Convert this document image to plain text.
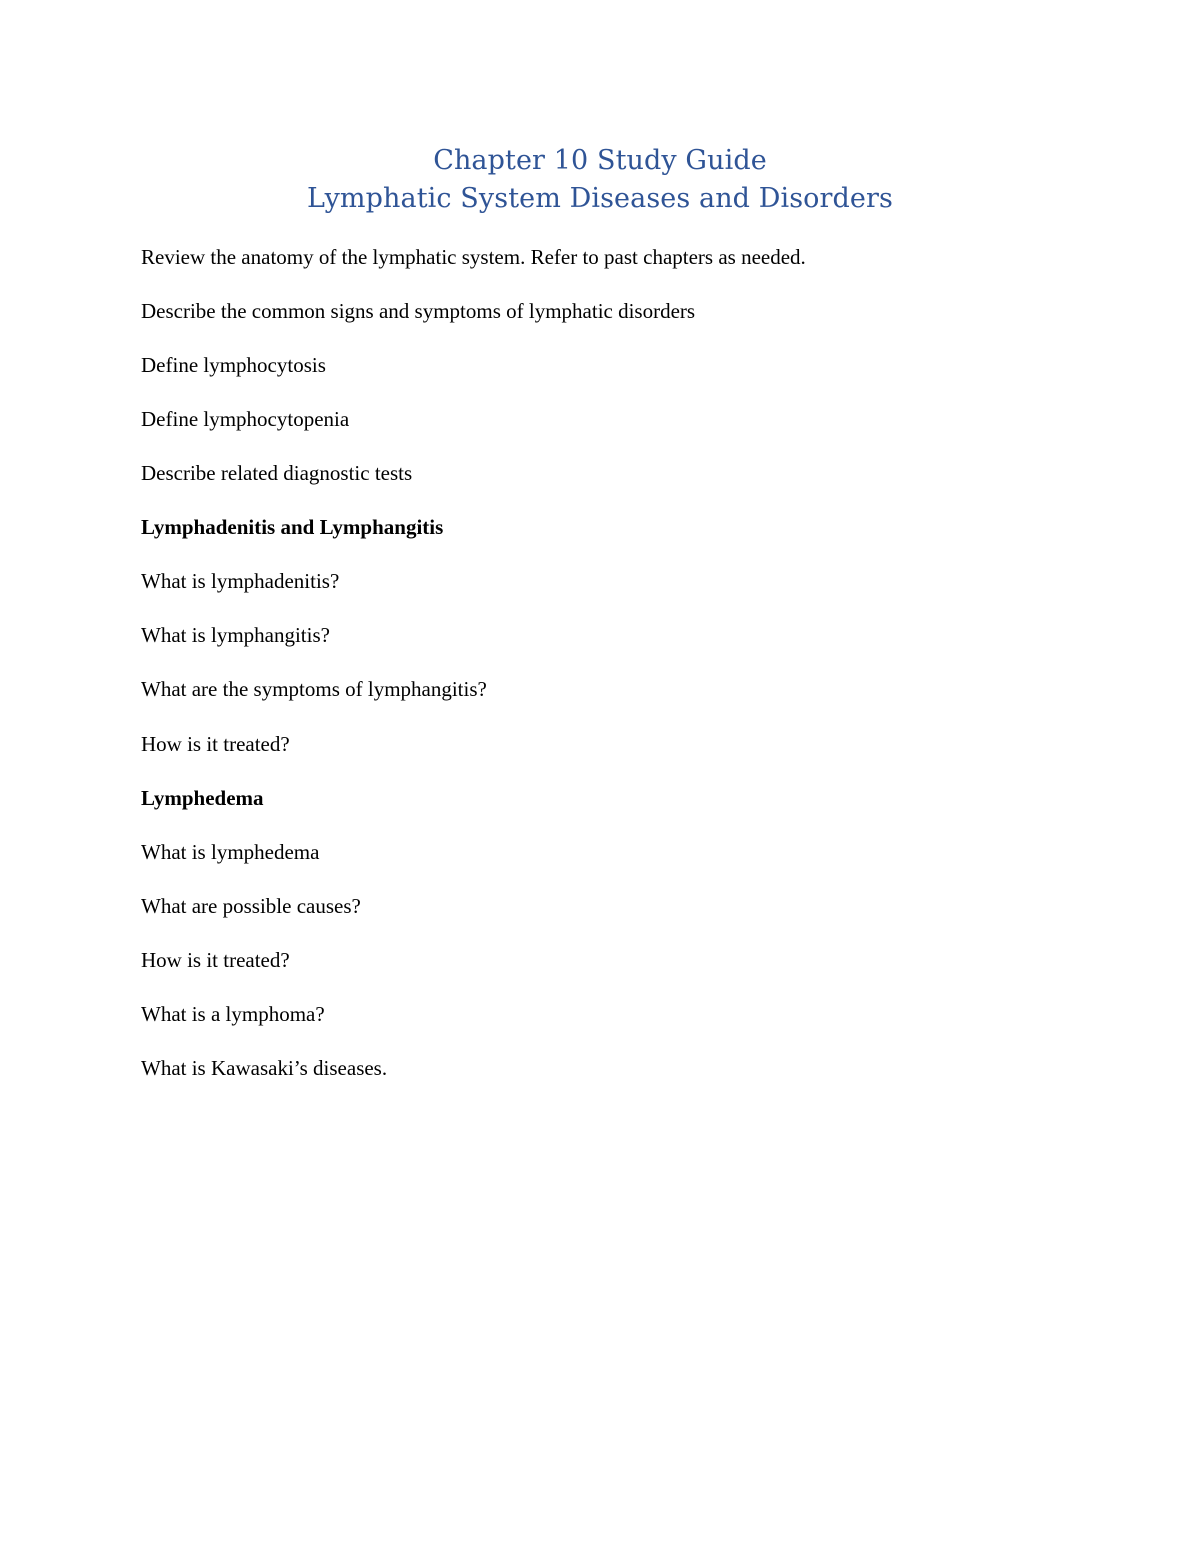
Chapter 10 Study Guide
Lymphatic System Diseases and Disorders
Review the anatomy of the lymphatic system. Refer to past chapters as needed.
Describe the common signs and symptoms of lymphatic disorders
Define lymphocytosis
Define lymphocytopenia
Describe related diagnostic tests
Lymphadenitis and Lymphangitis
What is lymphadenitis?
What is lymphangitis?
What are the symptoms of lymphangitis?
How is it treated?
Lymphedema
What is lymphedema
What are possible causes?
How is it treated?
What is a lymphoma?
What is Kawasaki’s diseases.
